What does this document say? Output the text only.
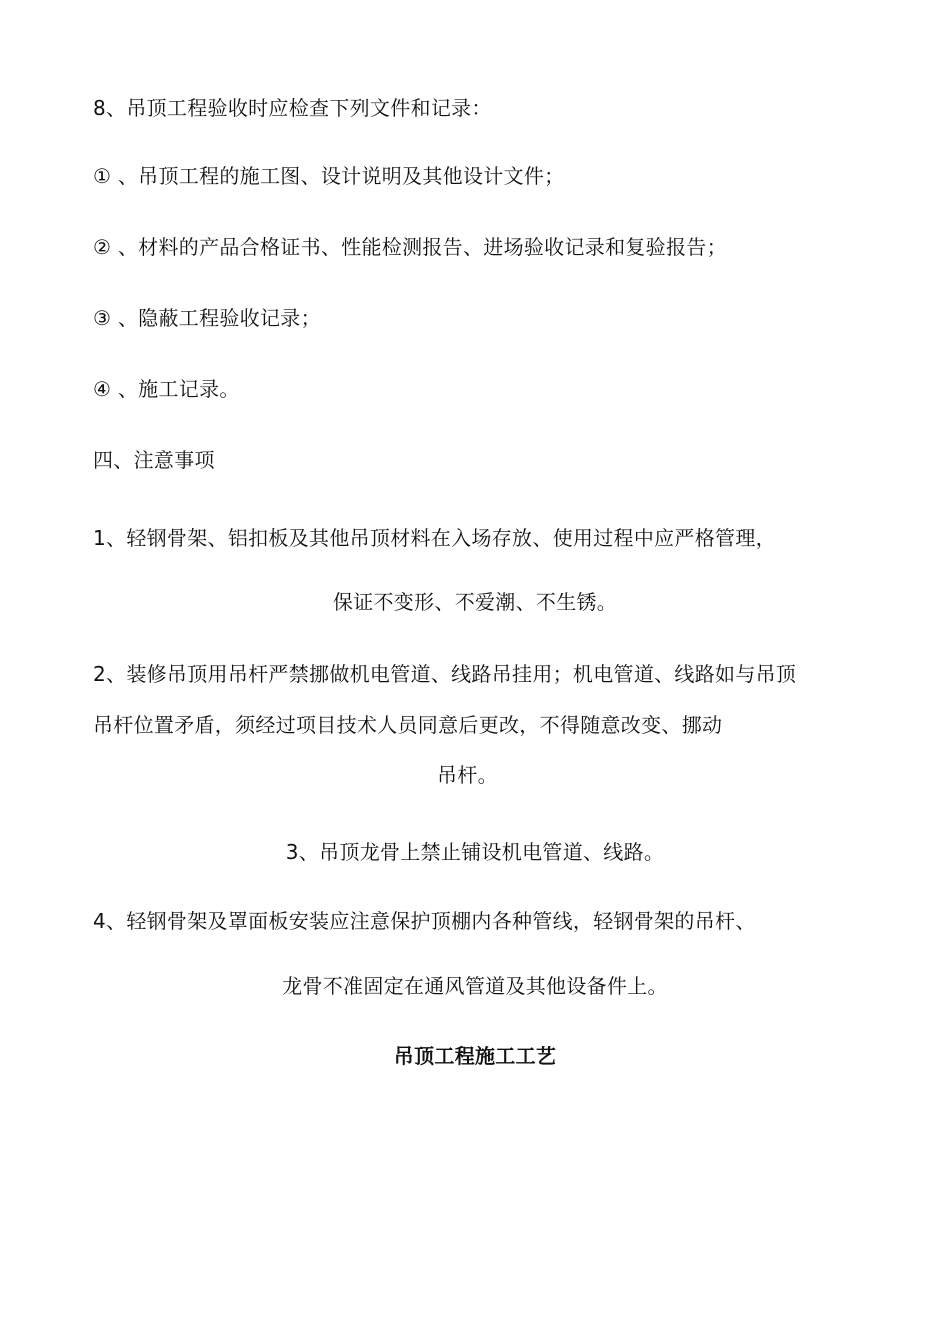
8、吊顶工程验收时应检查下列文件和记录：
① 、吊顶工程的施工图、设计说明及其他设计文件；
② 、材料的产品合格证书、性能检测报告、进场验收记录和复验报告；
③ 、隐蔽工程验收记录；
④ 、施工记录。
四、注意事项
1、轻钢骨架、铝扣板及其他吊顶材料在入场存放、使用过程中应严格管理，
保证不变形、不爱潮、不生锈。
2、装修吊顶用吊杆严禁挪做机电管道、线路吊挂用；机电管道、线路如与吊顶
吊杆位置矛盾，须经过项目技术人员同意后更改，不得随意改变、挪动
吊杆。
3、吊顶龙骨上禁止铺设机电管道、线路。
4、轻钢骨架及罩面板安装应注意保护顶棚内各种管线，轻钢骨架的吊杆、
龙骨不准固定在通风管道及其他设备件上。
吊顶工程施工工艺
